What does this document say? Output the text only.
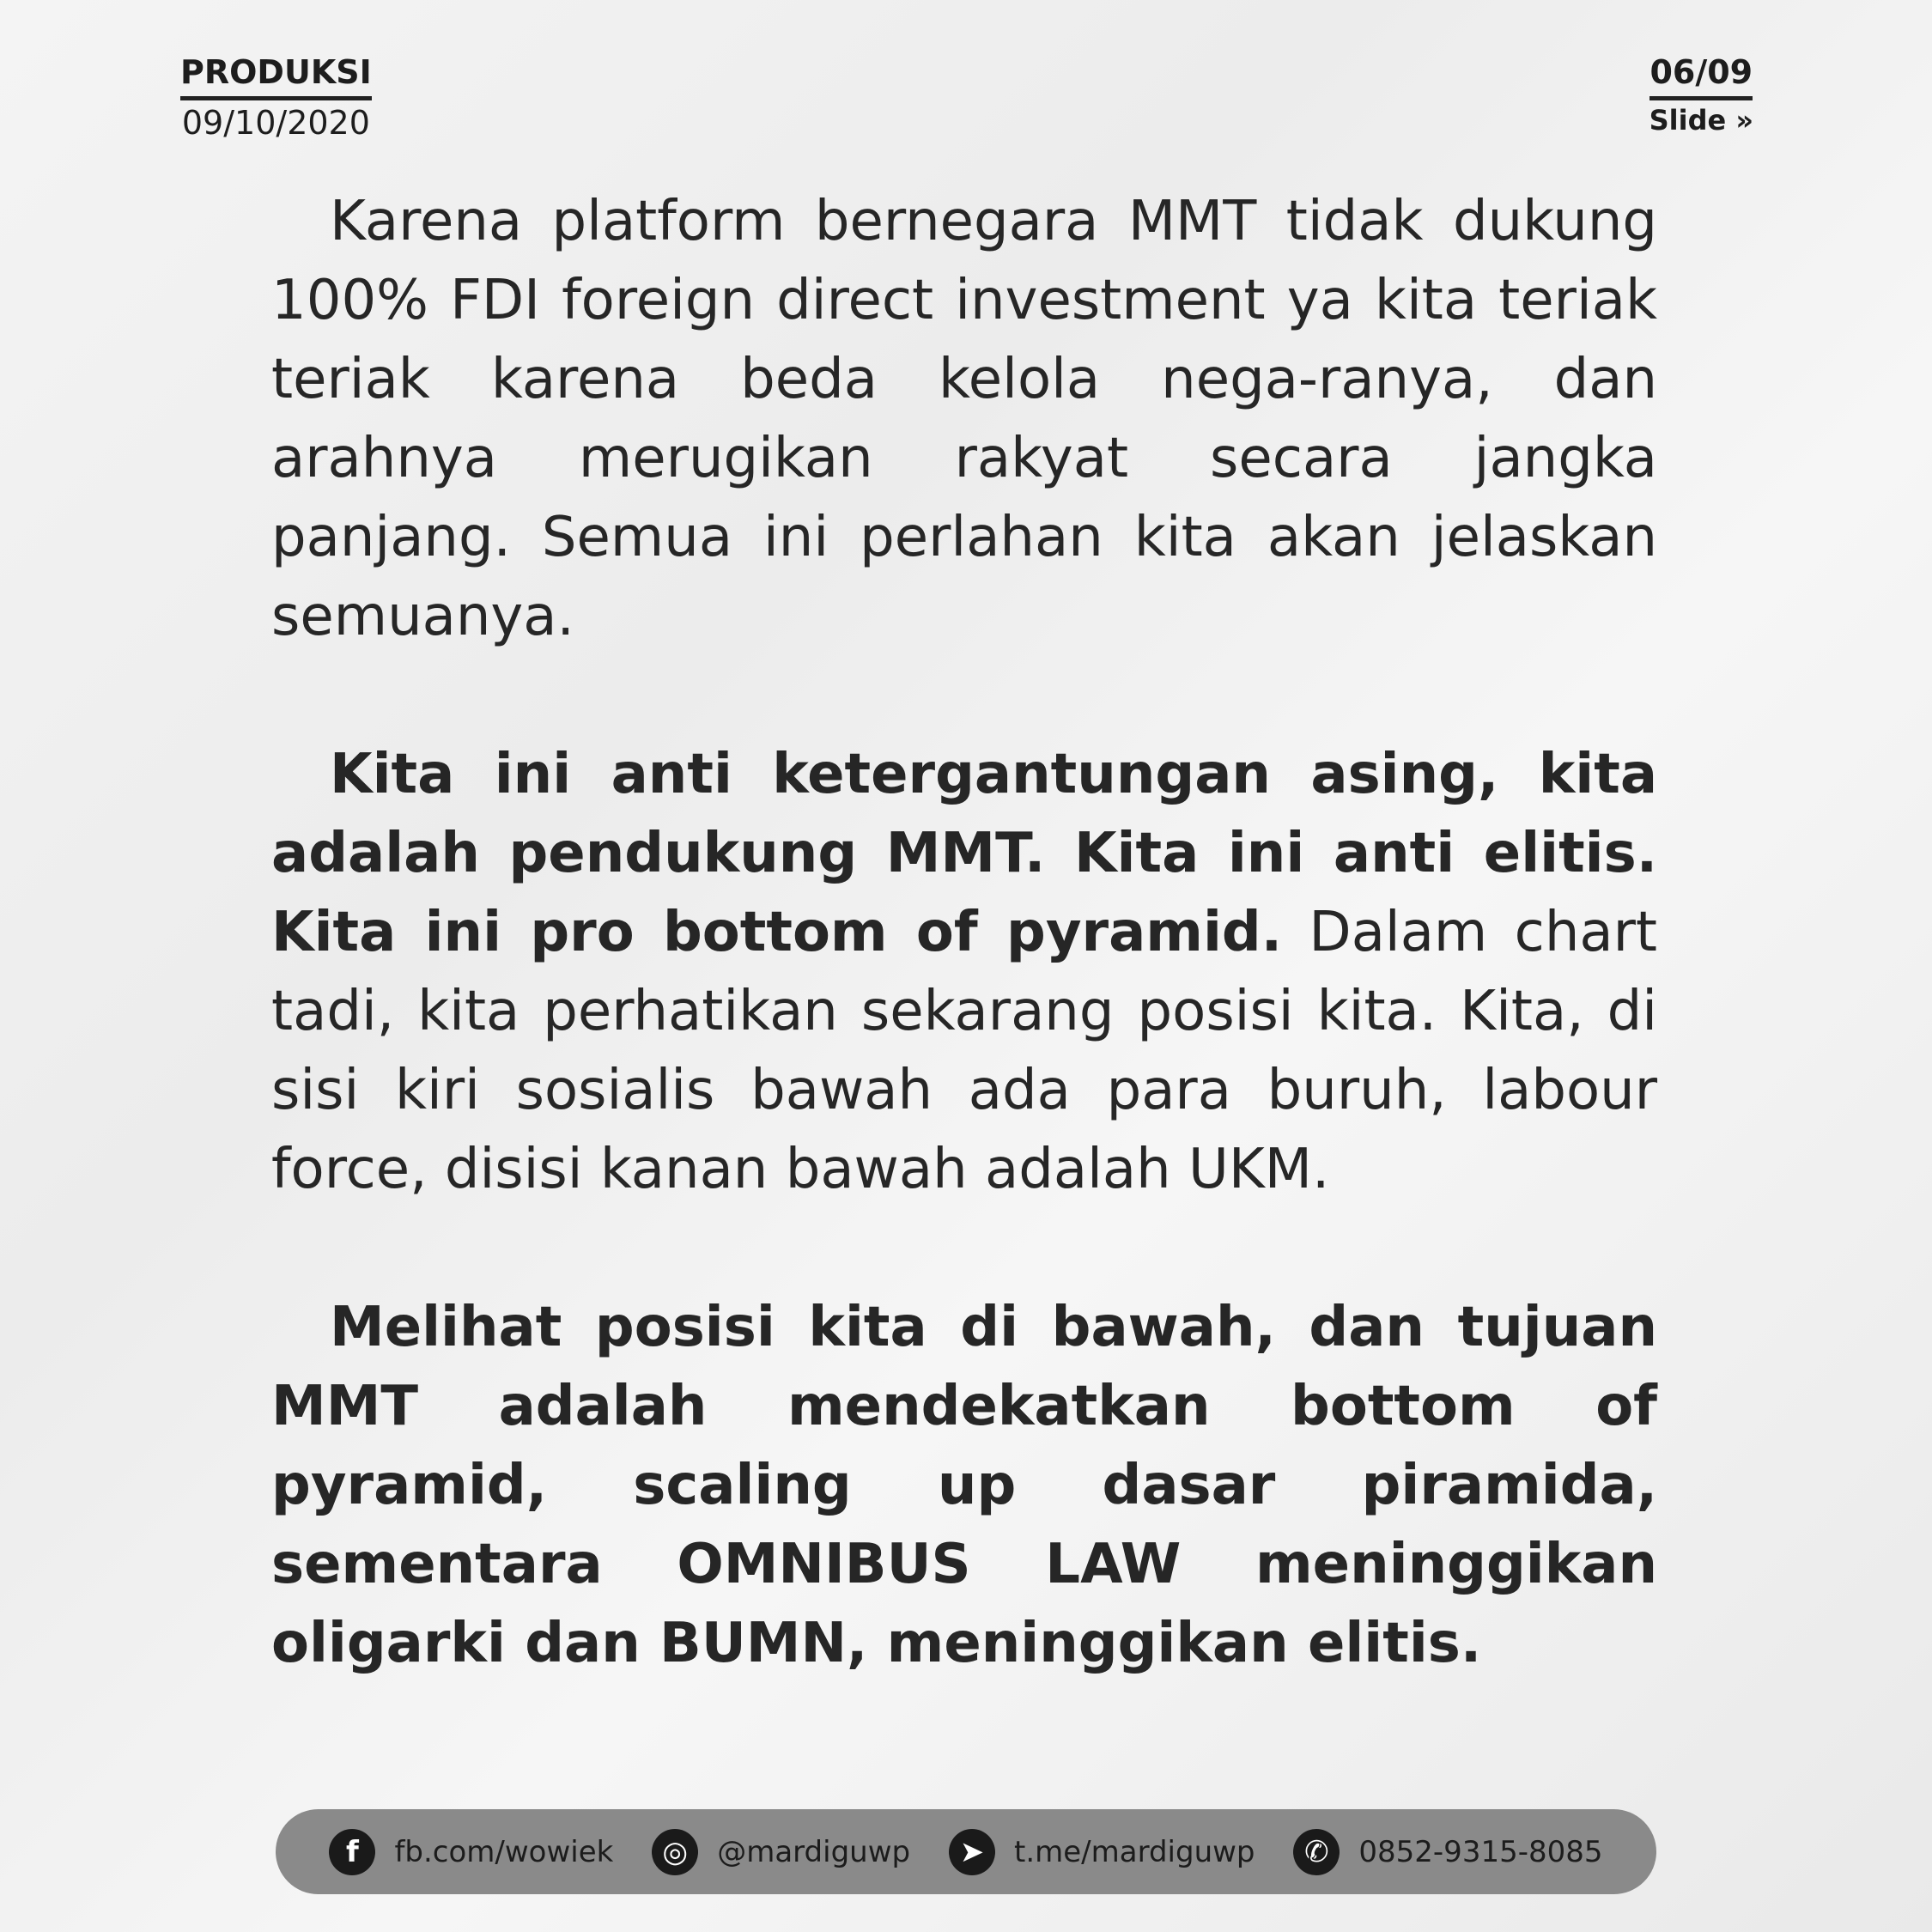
PRODUKSI
09/10/2020
06/09
Slide »

Karena platform bernegara MMT tidak dukung 100% FDI foreign direct investment ya kita teriak teriak karena beda kelola nega-ranya, dan arahnya merugikan rakyat secara jangka panjang. Semua ini perlahan kita akan jelaskan semuanya.

Kita ini anti ketergantungan asing, kita adalah pendukung MMT. Kita ini anti elitis. Kita ini pro bottom of pyramid. Dalam chart tadi, kita perhatikan sekarang posisi kita. Kita, di sisi kiri sosialis bawah ada para buruh, labour force, disisi kanan bawah adalah UKM.

Melihat posisi kita di bawah, dan tujuan MMT adalah mendekatkan bottom of pyramid, scaling up dasar piramida, sementara OMNIBUS LAW meninggikan oligarki dan BUMN, meninggikan elitis.

f	fb.com/wowiek	◎	@mardiguwp	➤	t.me/mardiguwp	✆	0852-9315-8085
